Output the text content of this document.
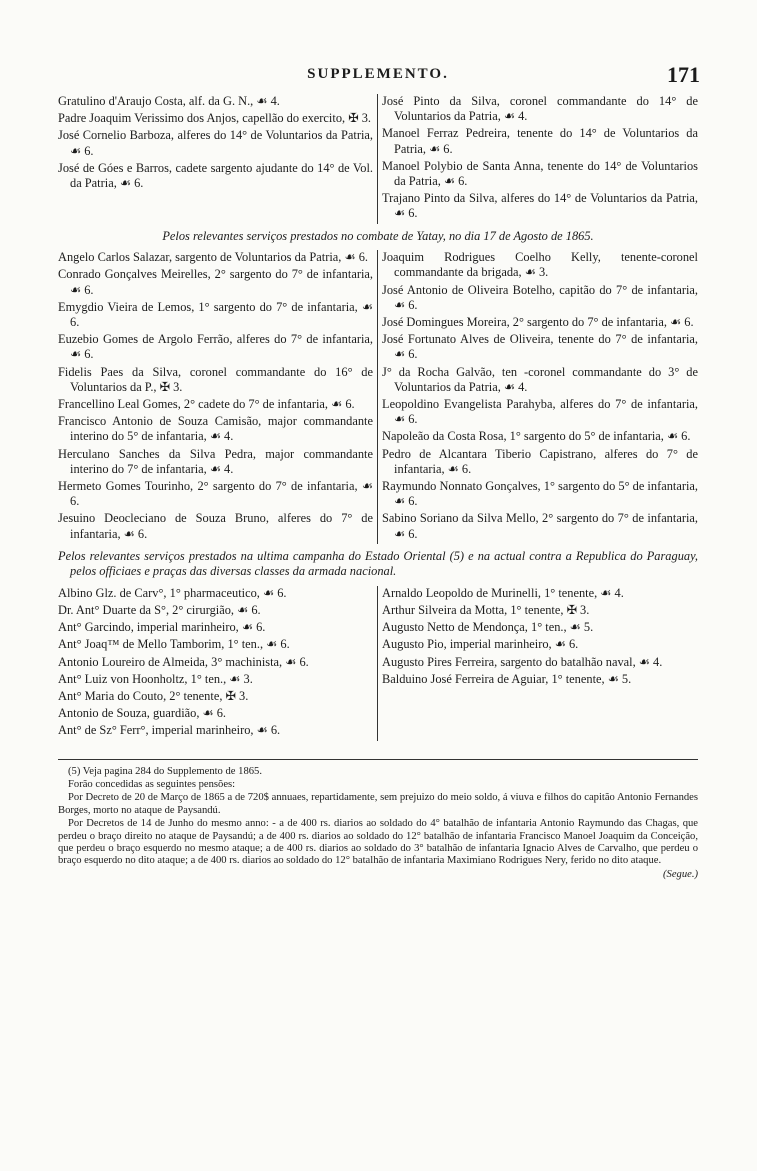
SUPPLEMENTO.	171
Gratulino d'Araujo Costa, alf. da G. N., ☙ 4.
Padre Joaquim Verissimo dos Anjos, capellão do exercito, ✠ 3.
José Cornelio Barboza, alferes do 14° de Voluntarios da Patria, ☙ 6.
José de Góes e Barros, cadete sargento ajudante do 14° de Vol. da Patria, ☙ 6.
José Pinto da Silva, coronel commandante do 14° de Voluntarios da Patria, ☙ 4.
Manoel Ferraz Pedreira, tenente do 14° de Voluntarios da Patria, ☙ 6.
Manoel Polybio de Santa Anna, tenente do 14° de Voluntarios da Patria, ☙ 6.
Trajano Pinto da Silva, alferes do 14° de Voluntarios da Patria, ☙ 6.
Pelos relevantes serviços prestados no combate de Yatay, no dia 17 de Agosto de 1865.
Angelo Carlos Salazar, sargento de Voluntarios da Patria, ☙ 6.
Conrado Gonçalves Meirelles, 2° sargento do 7° de infantaria, ☙ 6.
Emygdio Vieira de Lemos, 1° sargento do 7° de infantaria, ☙ 6.
Euzebio Gomes de Argolo Ferrão, alferes do 7° de infantaria, ☙ 6.
Fidelis Paes da Silva, coronel commandante do 16° de Voluntarios da P., ✠ 3.
Francellino Leal Gomes, 2° cadete do 7° de infantaria, ☙ 6.
Francisco Antonio de Souza Camisão, major commandante interino do 5° de infantaria, ☙ 4.
Herculano Sanches da Silva Pedra, major commandante interino do 7° de infantaria, ☙ 4.
Hermeto Gomes Tourinho, 2° sargento do 7° de infantaria, ☙ 6.
Jesuino Deocleciano de Souza Bruno, alferes do 7° de infantaria, ☙ 6.
Joaquim Rodrigues Coelho Kelly, tenente-coronel commandante da brigada, ☙ 3.
José Antonio de Oliveira Botelho, capitão do 7° de infantaria, ☙ 6.
José Domingues Moreira, 2° sargento do 7° de infantaria, ☙ 6.
José Fortunato Alves de Oliveira, tenente do 7° de infantaria, ☙ 6.
J° da Rocha Galvão, ten -coronel commandante do 3° de Voluntarios da Patria, ☙ 4.
Leopoldino Evangelista Parahyba, alferes do 7° de infantaria, ☙ 6.
Napoleão da Costa Rosa, 1° sargento do 5° de infantaria, ☙ 6.
Pedro de Alcantara Tiberio Capistrano, alferes do 7° de infantaria, ☙ 6.
Raymundo Nonnato Gonçalves, 1° sargento do 5° de infantaria, ☙ 6.
Sabino Soriano da Silva Mello, 2° sargento do 7° de infantaria, ☙ 6.
Pelos relevantes serviços prestados na ultima campanha do Estado Oriental (5) e na actual contra a Republica do Paraguay, pelos officiaes e praças das diversas classes da armada nacional.
Albino Glz. de Carv°, 1° pharmaceutico, ☙ 6.
Dr. Ant° Duarte da S°, 2° cirurgião, ☙ 6.
Ant° Garcindo, imperial marinheiro, ☙ 6.
Ant° Joaq™ de Mello Tamborim, 1° ten., ☙ 6.
Antonio Loureiro de Almeida, 3° machinista, ☙ 6.
Ant° Luiz von Hoonholtz, 1° ten., ☙ 3.
Ant° Maria do Couto, 2° tenente, ✠ 3.
Antonio de Souza, guardião, ☙ 6.
Ant° de Sz° Ferr°, imperial marinheiro, ☙ 6.
Arnaldo Leopoldo de Murinelli, 1° tenente, ☙ 4.
Arthur Silveira da Motta, 1° tenente, ✠ 3.
Augusto Netto de Mendonça, 1° ten., ☙ 5.
Augusto Pio, imperial marinheiro, ☙ 6.
Augusto Pires Ferreira, sargento do batalhão naval, ☙ 4.
Balduino José Ferreira de Aguiar, 1° tenente, ☙ 5.

(5) Veja pagina 284 do Supplemento de 1865.

Forão concedidas as seguintes pensões:

Por Decreto de 20 de Março de 1865 a de 720$ annuaes, repartidamente, sem prejuizo do meio soldo, á viuva e filhos do capitão Antonio Fernandes Borges, morto no ataque de Paysandú.

Por Decretos de 14 de Junho do mesmo anno: - a de 400 rs. diarios ao soldado do 4° batalhão de infantaria Antonio Raymundo das Chagas, que perdeu o braço direito no ataque de Paysandú; a de 400 rs. diarios ao soldado do 12° batalhão de infantaria Francisco Manoel Joaquim da Conceição, que perdeu o braço esquerdo no mesmo ataque; a de 400 rs. diarios ao soldado do 3° batalhão de infantaria Ignacio Alves de Carvalho, que perdeu o braço esquerdo no dito ataque; a de 400 rs. diarios ao soldado do 12° batalhão de infantaria Maximiano Rodrigues Nery, ferido no dito ataque.

(Segue.)
